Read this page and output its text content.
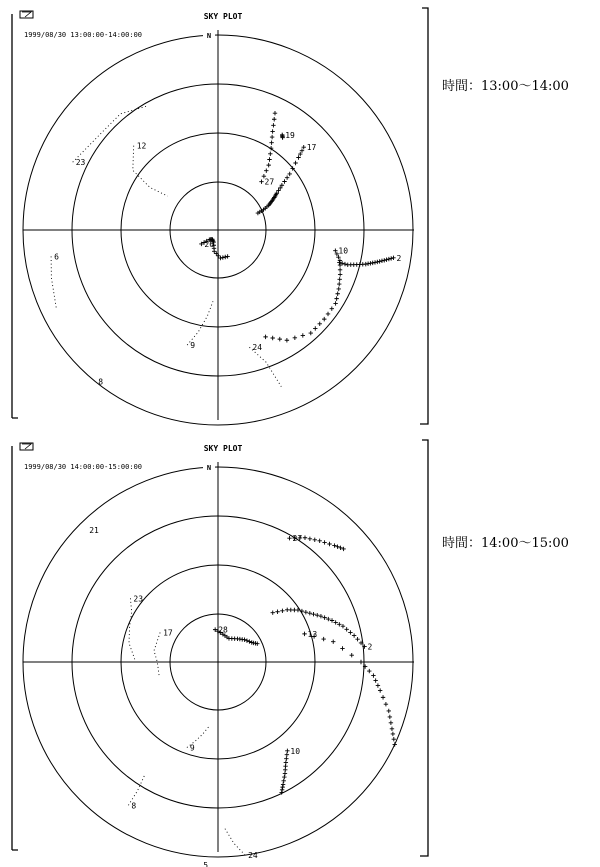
SKY PLOT
1999/08/30 13:00:00-14:00:00	N
19
17
27
2
10
26
12
23
6
8
9	24
時間：13:00〜14:00
SKY PLOT
1999/08/30 14:00:00-15:00:00	N
21
27
13
2
28
23
17
10
9
8
5
24
時間：14:00〜15:00
